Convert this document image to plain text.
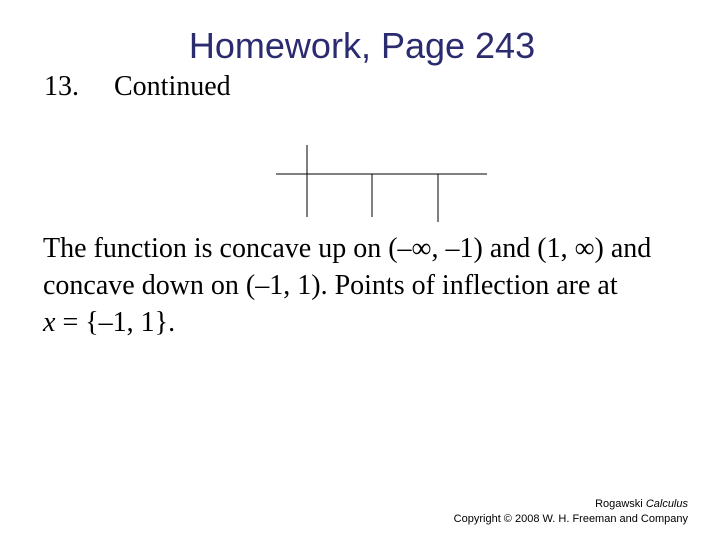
Homework, Page 243
13. Continued
The function is concave up on (–∞, –1) and (1, ∞) and
concave down on (–1, 1). Points of inflection are at
x = {–1, 1}.
Rogawski Calculus
Copyright © 2008 W. H. Freeman and Company
